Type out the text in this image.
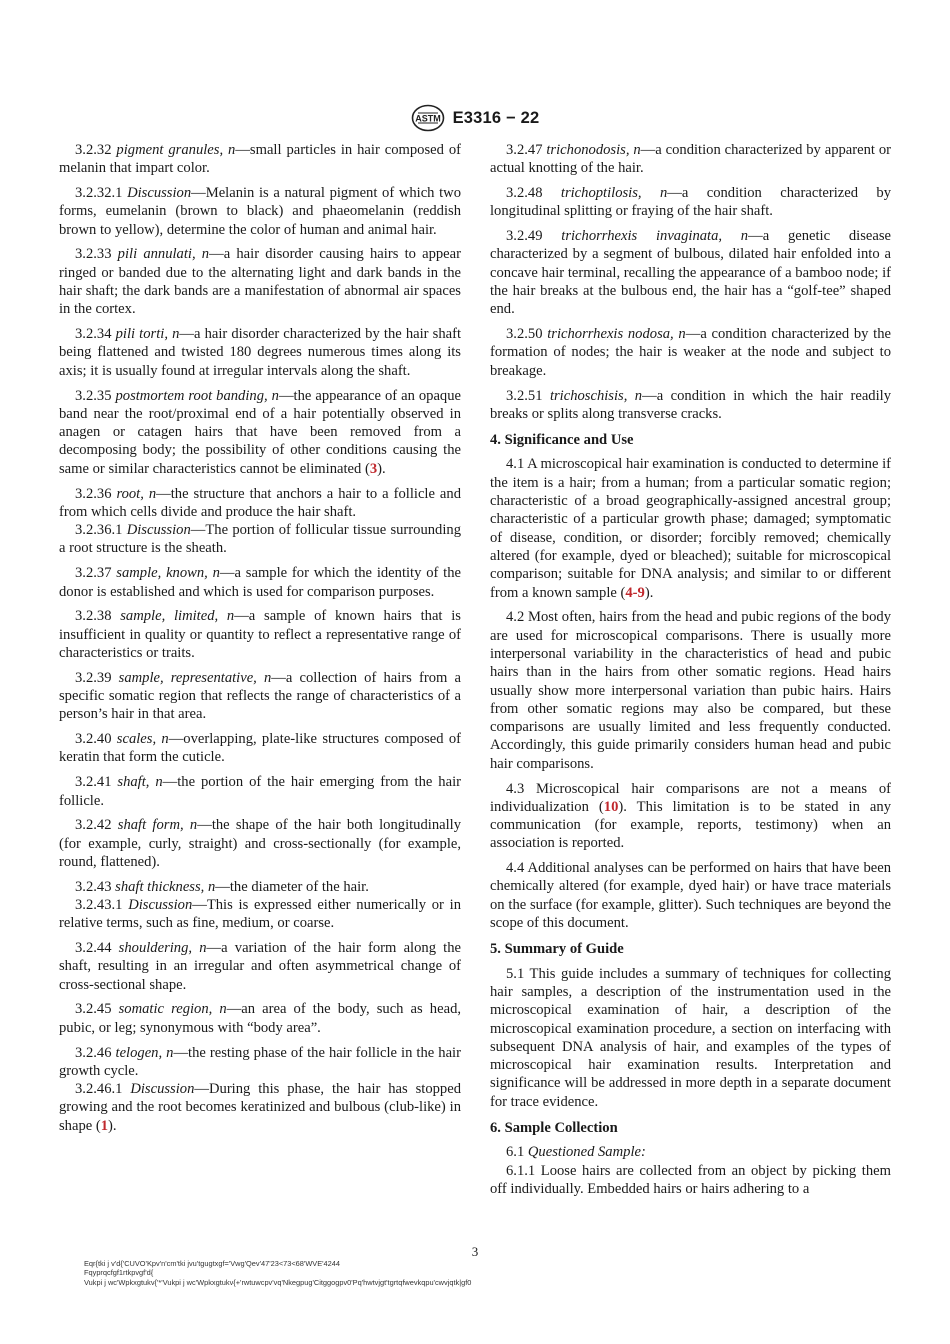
ASTM E3316 − 22

3.2.32 pigment granules, n—small particles in hair composed of melanin that impart color.

3.2.32.1 Discussion—Melanin is a natural pigment of which two forms, eumelanin (brown to black) and phaeomelanin (reddish brown to yellow), determine the color of human and animal hair.

3.2.33 pili annulati, n—a hair disorder causing hairs to appear ringed or banded due to the alternating light and dark bands in the hair shaft; the dark bands are a manifestation of abnormal air spaces in the cortex.

3.2.34 pili torti, n—a hair disorder characterized by the hair shaft being flattened and twisted 180 degrees numerous times along its axis; it is usually found at irregular intervals along the shaft.

3.2.35 postmortem root banding, n—the appearance of an opaque band near the root/proximal end of a hair potentially observed in anagen or catagen hairs that have been removed from a decomposing body; the possibility of other conditions causing the same or similar characteristics cannot be eliminated (3).

3.2.36 root, n—the structure that anchors a hair to a follicle and from which cells divide and produce the hair shaft.

3.2.36.1 Discussion—The portion of follicular tissue surrounding a root structure is the sheath.

3.2.37 sample, known, n—a sample for which the identity of the donor is established and which is used for comparison purposes.

3.2.38 sample, limited, n—a sample of known hairs that is insufficient in quality or quantity to reflect a representative range of characteristics or traits.

3.2.39 sample, representative, n—a collection of hairs from a specific somatic region that reflects the range of characteristics of a person’s hair in that area.

3.2.40 scales, n—overlapping, plate-like structures composed of keratin that form the cuticle.

3.2.41 shaft, n—the portion of the hair emerging from the hair follicle.

3.2.42 shaft form, n—the shape of the hair both longitudinally (for example, curly, straight) and cross-sectionally (for example, round, flattened).

3.2.43 shaft thickness, n—the diameter of the hair.

3.2.43.1 Discussion—This is expressed either numerically or in relative terms, such as fine, medium, or coarse.

3.2.44 shouldering, n—a variation of the hair form along the shaft, resulting in an irregular and often asymmetrical change of cross-sectional shape.

3.2.45 somatic region, n—an area of the body, such as head, pubic, or leg; synonymous with “body area”.

3.2.46 telogen, n—the resting phase of the hair follicle in the hair growth cycle.

3.2.46.1 Discussion—During this phase, the hair has stopped growing and the root becomes keratinized and bulbous (club-like) in shape (1).

3.2.47 trichonodosis, n—a condition characterized by apparent or actual knotting of the hair.

3.2.48 trichoptilosis, n—a condition characterized by longitudinal splitting or fraying of the hair shaft.

3.2.49 trichorrhexis invaginata, n—a genetic disease characterized by a segment of bulbous, dilated hair enfolded into a concave hair terminal, recalling the appearance of a bamboo node; if the hair breaks at the bulbous end, the hair has a “golf-tee” shaped end.

3.2.50 trichorrhexis nodosa, n—a condition characterized by the formation of nodes; the hair is weaker at the node and subject to breakage.

3.2.51 trichoschisis, n—a condition in which the hair readily breaks or splits along transverse cracks.

4. Significance and Use

4.1 A microscopical hair examination is conducted to determine if the item is a hair; from a human; from a particular somatic region; characteristic of a broad geographically-assigned ancestral group; characteristic of a particular growth phase; damaged; symptomatic of disease, condition, or disorder; forcibly removed; chemically altered (for example, dyed or bleached); suitable for microscopical comparison; suitable for DNA analysis; and similar to or different from a known sample (4-9).

4.2 Most often, hairs from the head and pubic regions of the body are used for microscopical comparisons. There is usually more interpersonal variability in the characteristics of head and pubic hairs than in the hairs from other somatic regions. Head hairs usually show more interpersonal variation than pubic hairs. Hairs from other somatic regions may also be compared, but these comparisons are usually limited and less frequently conducted. Accordingly, this guide primarily considers human head and pubic hair comparisons.

4.3 Microscopical hair comparisons are not a means of individualization (10). This limitation is to be stated in any communication (for example, reports, testimony) when an association is reported.

4.4 Additional analyses can be performed on hairs that have been chemically altered (for example, dyed hair) or have trace materials on the surface (for example, glitter). Such techniques are beyond the scope of this document.

5. Summary of Guide

5.1 This guide includes a summary of techniques for collecting hair samples, a description of the instrumentation used in the microscopical examination of hair, a description of the microscopical examination procedure, a section on interfacing with subsequent DNA analysis of hair, and examples of the types of microscopical hair examination results. Interpretation and significance will be addressed in more depth in a separate document for trace evidence.

6. Sample Collection

6.1 Questioned Sample:

6.1.1 Loose hairs are collected from an object by picking them off individually. Embedded hairs or hairs adhering to a

3
Eqr{tki j v'd{'CUVO'Kpv'n'cm'tki jvu'tgugtxgf='Vwg'Qev'47'23<73<68'WVE'4244
Fqyprqcfgf1rtkpvgf'd{
Vukpi j wc'Wpkxgtukv{'*'Vukpi j wc'Wpkxgtukv{+'rwtuwcpv'vq'Nkegpug'Citggogpv0'Pq'hwtvjgt'tgrtqfwevkqpu'cwvjqtk|gf0
